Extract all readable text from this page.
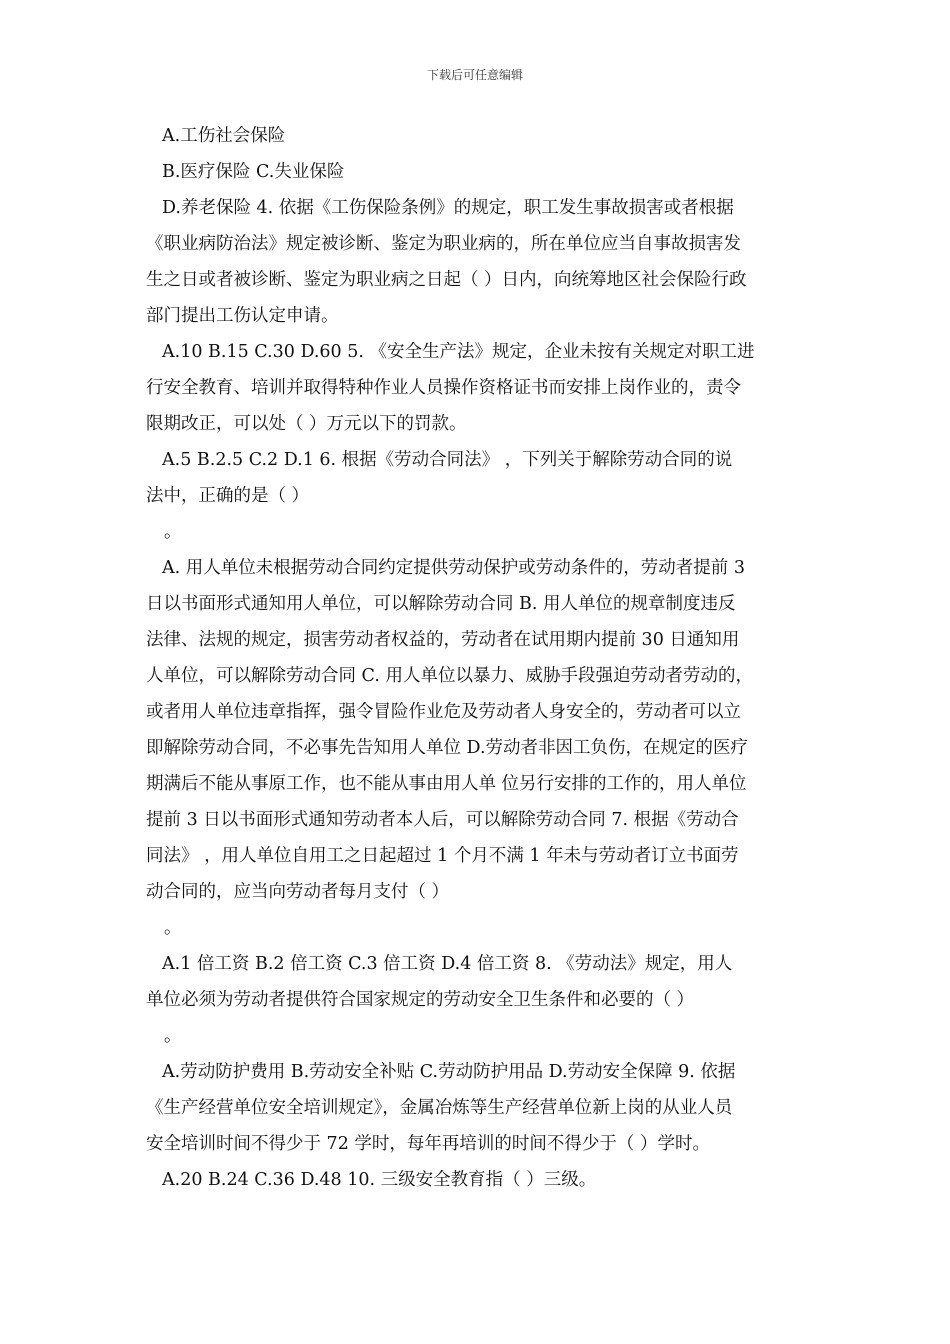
下载后可任意编辑
A.工伤社会保险
B.医疗保险 C.失业保险
D.养老保险 4. 依据《工伤保险条例》的规定，职工发生事故损害或者根据
《职业病防治法》规定被诊断、鉴定为职业病的，所在单位应当自事故损害发
生之日或者被诊断、鉴定为职业病之日起（ ）日内，向统筹地区社会保险行政
部门提出工伤认定申请。
A.10 B.15 C.30 D.60 5. 《安全生产法》规定，企业未按有关规定对职工进
行安全教育、培训并取得特种作业人员操作资格证书而安排上岗作业的，责令
限期改正，可以处（ ）万元以下的罚款。
A.5 B.2.5 C.2 D.1 6. 根据《劳动合同法》 ，下列关于解除劳动合同的说
法中，正确的是（ ）
。
A. 用人单位未根据劳动合同约定提供劳动保护或劳动条件的，劳动者提前 3
日以书面形式通知用人单位，可以解除劳动合同 B. 用人单位的规章制度违反
法律、法规的规定，损害劳动者权益的，劳动者在试用期内提前 30 日通知用
人单位，可以解除劳动合同 C. 用人单位以暴力、威胁手段强迫劳动者劳动的，
或者用人单位违章指挥，强令冒险作业危及劳动者人身安全的，劳动者可以立
即解除劳动合同，不必事先告知用人单位 D.劳动者非因工负伤，在规定的医疗
期满后不能从事原工作，也不能从事由用人单 位另行安排的工作的，用人单位
提前 3 日以书面形式通知劳动者本人后，可以解除劳动合同 7. 根据《劳动合
同法》 ，用人单位自用工之日起超过 1 个月不满 1 年未与劳动者订立书面劳
动合同的，应当向劳动者每月支付（ ）
。
A.1 倍工资 B.2 倍工资 C.3 倍工资 D.4 倍工资 8. 《劳动法》规定，用人
单位必须为劳动者提供符合国家规定的劳动安全卫生条件和必要的（ ）
。
A.劳动防护费用 B.劳动安全补贴 C.劳动防护用品 D.劳动安全保障 9. 依据
《生产经营单位安全培训规定》，金属冶炼等生产经营单位新上岗的从业人员
安全培训时间不得少于 72 学时，每年再培训的时间不得少于（ ）学时。
A.20 B.24 C.36 D.48 10. 三级安全教育指（ ）三级。
